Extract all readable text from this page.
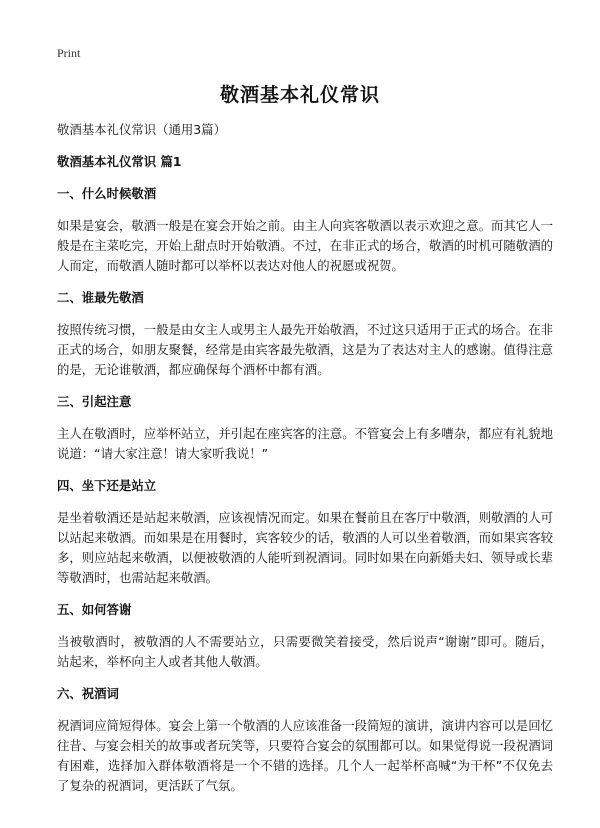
Print
敬酒基本礼仪常识
敬酒基本礼仪常识（通用3篇）
敬酒基本礼仪常识 篇1
一、什么时候敬酒
如果是宴会，敬酒一般是在宴会开始之前。由主人向宾客敬酒以表示欢迎之意。而其它人一般是在主菜吃完，开始上甜点时开始敬酒。不过，在非正式的场合，敬酒的时机可随敬酒的人而定，而敬酒人随时都可以举杯以表达对他人的祝愿或祝贺。
二、谁最先敬酒
按照传统习惯，一般是由女主人或男主人最先开始敬酒，不过这只适用于正式的场合。在非正式的场合，如朋友聚餐，经常是由宾客最先敬酒，这是为了表达对主人的感谢。值得注意的是，无论谁敬酒，都应确保每个酒杯中都有酒。
三、引起注意
主人在敬酒时，应举杯站立，并引起在座宾客的注意。不管宴会上有多嘈杂，都应有礼貌地说道：“请大家注意！请大家听我说！”
四、坐下还是站立
是坐着敬酒还是站起来敬酒，应该视情况而定。如果在餐前且在客厅中敬酒，则敬酒的人可以站起来敬酒。而如果是在用餐时，宾客较少的话，敬酒的人可以坐着敬酒，而如果宾客较多，则应站起来敬酒，以便被敬酒的人能听到祝酒词。同时如果在向新婚夫妇、领导或长辈等敬酒时，也需站起来敬酒。
五、如何答谢
当被敬酒时，被敬酒的人不需要站立，只需要微笑着接受，然后说声“谢谢”即可。随后，站起来，举杯向主人或者其他人敬酒。
六、祝酒词
祝酒词应简短得体。宴会上第一个敬酒的人应该准备一段简短的演讲，演讲内容可以是回忆往昔、与宴会相关的故事或者玩笑等，只要符合宴会的氛围都可以。如果觉得说一段祝酒词有困难，选择加入群体敬酒将是一个不错的选择。几个人一起举杯高喊“为干杯”不仅免去了复杂的祝酒词，更活跃了气氛。
